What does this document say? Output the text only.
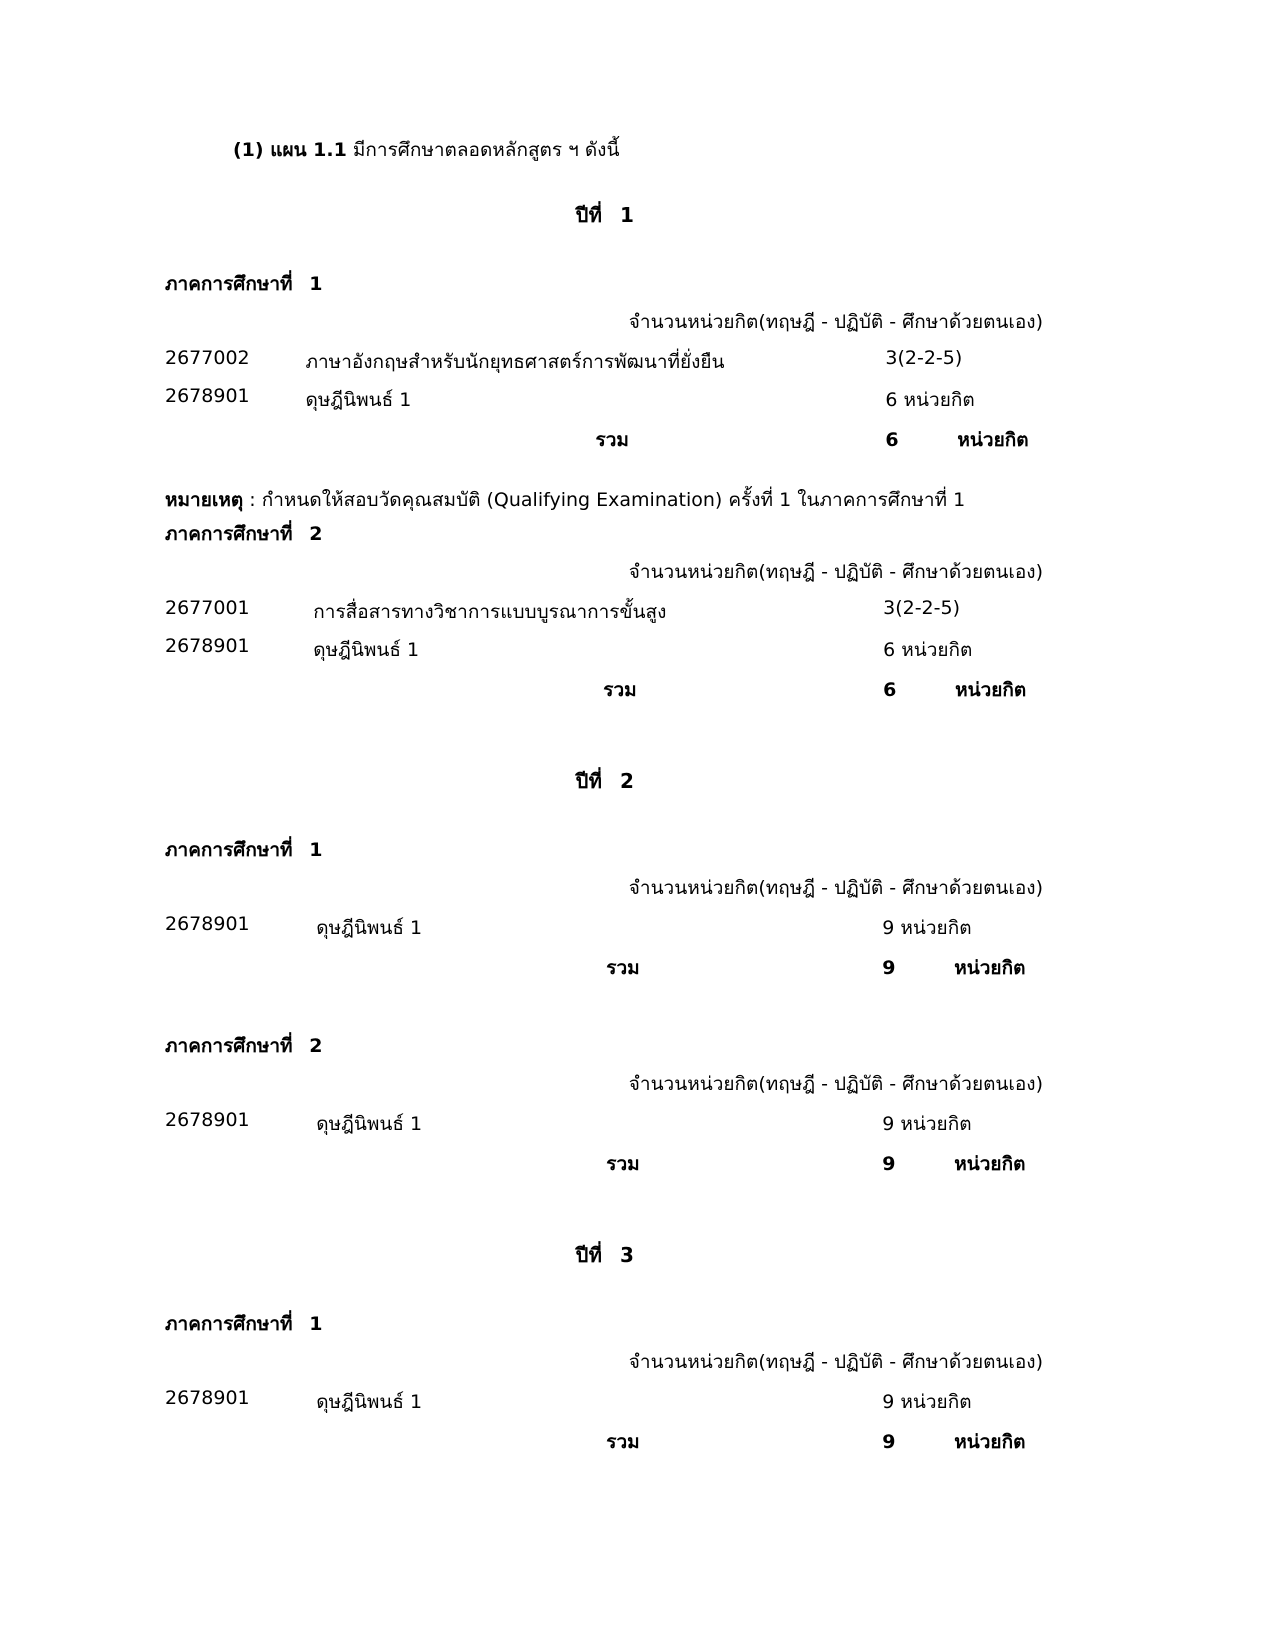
(1) แผน 1.1 มีการศึกษาตลอดหลักสูตร ฯ ดังนี้
ปีที่ 1
ภาคการศึกษาที่ 1
จำนวนหน่วยกิต(ทฤษฎี - ปฏิบัติ - ศึกษาด้วยตนเอง)
2677002	ภาษาอังกฤษสำหรับนักยุทธศาสตร์การพัฒนาที่ยั่งยืน	3(2-2-5)
2678901	ดุษฎีนิพนธ์ 1	6 หน่วยกิต
	รวม	6 หน่วยกิต
หมายเหตุ : กำหนดให้สอบวัดคุณสมบัติ (Qualifying Examination) ครั้งที่ 1 ในภาคการศึกษาที่ 1
ภาคการศึกษาที่ 2
จำนวนหน่วยกิต(ทฤษฎี - ปฏิบัติ - ศึกษาด้วยตนเอง)
2677001	การสื่อสารทางวิชาการแบบบูรณาการขั้นสูง	3(2-2-5)
2678901	ดุษฎีนิพนธ์ 1	6 หน่วยกิต
	รวม	6 หน่วยกิต
ปีที่ 2
ภาคการศึกษาที่ 1
จำนวนหน่วยกิต(ทฤษฎี - ปฏิบัติ - ศึกษาด้วยตนเอง)
2678901	ดุษฎีนิพนธ์ 1	9 หน่วยกิต
	รวม	9 หน่วยกิต
ภาคการศึกษาที่ 2
จำนวนหน่วยกิต(ทฤษฎี - ปฏิบัติ - ศึกษาด้วยตนเอง)
2678901	ดุษฎีนิพนธ์ 1	9 หน่วยกิต
	รวม	9 หน่วยกิต
ปีที่ 3
ภาคการศึกษาที่ 1
จำนวนหน่วยกิต(ทฤษฎี - ปฏิบัติ - ศึกษาด้วยตนเอง)
2678901	ดุษฎีนิพนธ์ 1	9 หน่วยกิต
	รวม	9 หน่วยกิต
